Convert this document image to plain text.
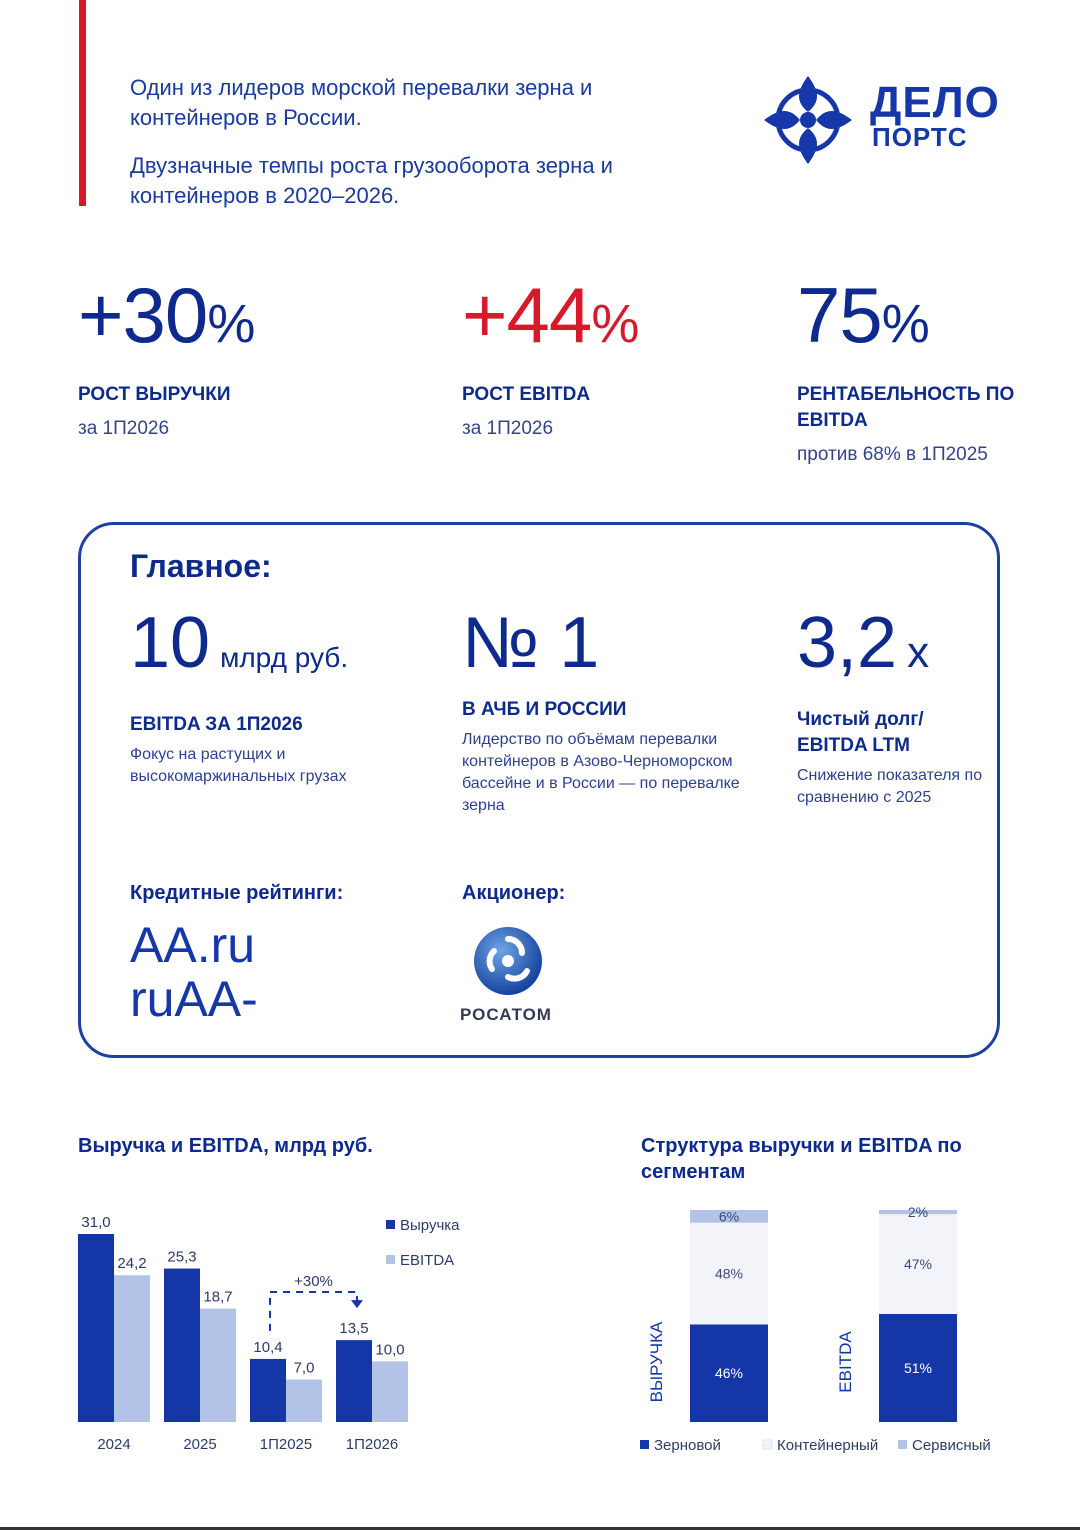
Один из лидеров морской перевалки зерна и контейнеров в России.

Двузначные темпы роста грузооборота зерна и контейнеров в 2020–2026.

ДЕЛО
ПОРТС
+30%
РОСТ ВЫРУЧКИ
за 1П2026
+44%
РОСТ EBITDA
за 1П2026
75%
РЕНТАБЕЛЬНОСТЬ ПО EBITDA
против 68% в 1П2025
Главное:
10 млрд руб.
EBITDA ЗА 1П2026
Фокус на растущих и высокомаржинальных грузах
№ 1
В АЧБ И РОССИИ
Лидерство по объёмам перевалки контейнеров в Азово-Черноморском бассейне и в России — по перевалке зерна
3,2 х
Чистый долг/ EBITDA LTM
Снижение показателя по сравнению с 2025
Кредитные рейтинги:
AA.ru
ruAA-
Акционер:
РОСАТОМ
Выручка и EBITDA, млрд руб.
31,0
24,2
2024
25,3
18,7
2025
10,4
7,0
1П2025
13,5
10,0
1П2026
+30%
Выручка
EBITDA
Структура выручки и EBITDA по сегментам
46%
48%
6%
ВЫРУЧКА	51%
47%
2%
EBITDA
Зерновой	Контейнерный Сервисный
